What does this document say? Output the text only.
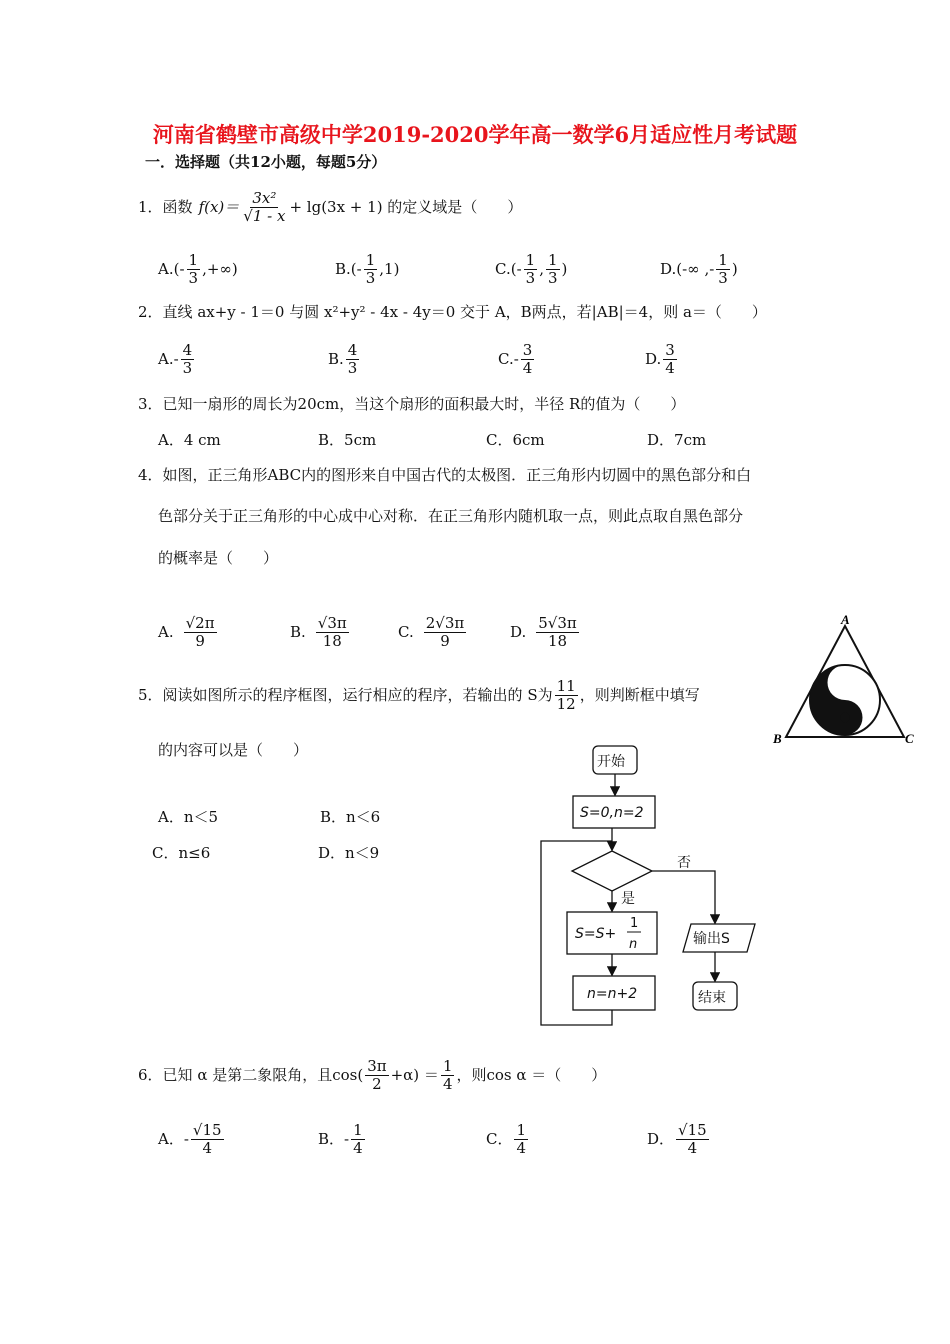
河南省鹤壁市高级中学2019-2020学年高一数学6月适应性月考试题
一．选择题（共12小题，每题5分）
1． 函数 $f(x)= \frac{\text{3x²}}{√1 - x} + \lg(3x + 1)$ 的定义域是（　　）
$A.(- \frac{1}{3}$ ,+∞)	$B.(- \frac{1}{3} ,1)$	$C.(- \frac{1}{3}$ , $\frac{1}{3}$ )	D.(-∞ ,- $\frac{1}{3}$ )
2．直线 ax+y - 1＝0 与圆 x²+y² - 4x - 4y＝0 交于 A，B两点，若|AB|＝4，则 a＝（　　）
$A.- \frac{4}{3}$	B. $\frac{4}{3}$	$C.- \frac{3}{4}$	D. $\frac{3}{4}$
3．已知一扇形的周长为20cm，当这个扇形的面积最大时，半径 R的值为（　　）
A．4 cm	B．5cm	C．6cm	D．7cm
4．如图，正三角形ABC内的图形来自中国古代的太极图．正三角形内切圆中的黑色部分和白
色部分关于正三角形的中心成中心对称．在正三角形内随机取一点，则此点取自黑色部分
的概率是（　　）
A. $\frac{√2\pi}{9}$	B. $\frac{√3\pi}{18}$	C. $\frac{2√3\pi}{9}$	D. $\frac{5√3\pi}{18}$	A
B	C
5． 阅读如图所示的程序框图，运行相应的程序，若输出的 S为 $\frac{11}{12}$ ，则判断框中填写
的内容可以是（　　）
A．n＜5	B．n＜6
C．n≤6	D．n＜9
开始
S=0,n=2
否
是
S=S+
1
n
n=n+2
输出S
结束
6． 已知 α 是第二象限角，且$\cos( \frac{3\pi}{2} +\alpha) = \frac{1}{4}$ ，则cos α ＝（　　）
A．- $\frac{√15}{4}$	B．- $\frac{1}{4}$	C． $\frac{1}{4}$	D． $\frac{√15}{4}$
